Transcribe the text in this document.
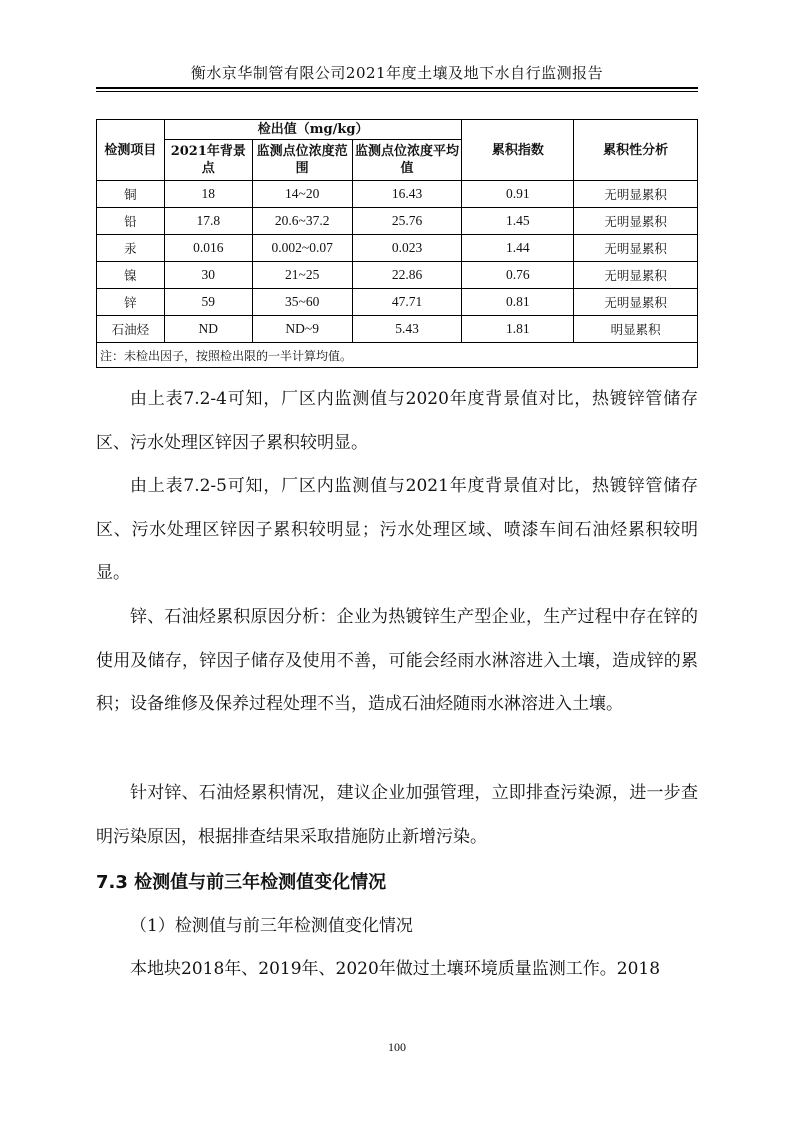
衡水京华制管有限公司2021年度土壤及地下水自行监测报告
检测项目	检出值（mg/kg）			累积指数	累积性分析
	2021年背景点	监测点位浓度范围	监测点位浓度平均值		
铜	18	14~20	16.43	0.91	无明显累积
铅	17.8	20.6~37.2	25.76	1.45	无明显累积
汞	0.016	0.002~0.07	0.023	1.44	无明显累积
镍	30	21~25	22.86	0.76	无明显累积
锌	59	35~60	47.71	0.81	无明显累积
石油烃	ND	ND~9	5.43	1.81	明显累积
注：未检出因子，按照检出限的一半计算均值。					
由上表7.2-4可知，厂区内监测值与2020年度背景值对比，热镀锌管储存区、污水处理区锌因子累积较明显。
由上表7.2-5可知，厂区内监测值与2021年度背景值对比，热镀锌管储存区、污水处理区锌因子累积较明显；污水处理区域、喷漆车间石油烃累积较明显。
锌、石油烃累积原因分析：企业为热镀锌生产型企业，生产过程中存在锌的使用及储存，锌因子储存及使用不善，可能会经雨水淋溶进入土壤，造成锌的累积；设备维修及保养过程处理不当，造成石油烃随雨水淋溶进入土壤。
针对锌、石油烃累积情况，建议企业加强管理，立即排查污染源，进一步查明污染原因，根据排查结果采取措施防止新增污染。
7.3 检测值与前三年检测值变化情况
（1）检测值与前三年检测值变化情况
本地块2018年、2019年、2020年做过土壤环境质量监测工作。2018
100
